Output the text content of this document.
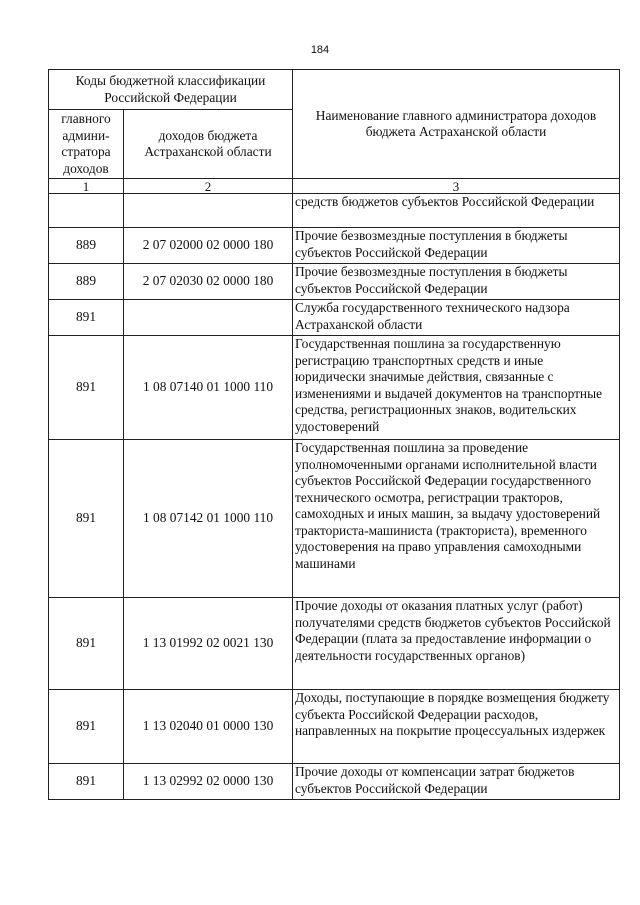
184
Коды бюджетной классификации Российской Федерации		Наименование главного администратора доходов бюджета Астраханской области
главного админи-стратора доходов	доходов бюджета Астраханской области	
1	2	3
		средств бюджетов субъектов Российской Федерации
889	2 07 02000 02 0000 180	Прочие безвозмездные поступления в бюджеты субъектов Российской Федерации
889	2 07 02030 02 0000 180	Прочие безвозмездные поступления в бюджеты субъектов Российской Федерации
891		Служба государственного технического надзора Астраханской области
891	1 08 07140 01 1000 110	Государственная пошлина за государственную регистрацию транспортных средств и иные юридически значимые действия, связанные с изменениями и выдачей документов на транспортные средства, регистрационных знаков, водительских удостоверений
891	1 08 07142 01 1000 110	Государственная пошлина за проведение уполномоченными органами исполнительной власти субъектов Российской Федерации государственного технического осмотра, регистрации тракторов, самоходных и иных машин, за выдачу удостоверений тракториста-машиниста (тракториста), временного удостоверения на право управления самоходными машинами
891	1 13 01992 02 0021 130	Прочие доходы от оказания платных услуг (работ) получателями средств бюджетов субъектов Российской Федерации (плата за предоставление информации о деятельности государственных органов)
891	1 13 02040 01 0000 130	Доходы, поступающие в порядке возмещения бюджету субъекта Российской Федерации расходов, направленных на покрытие процессуальных издержек
891	1 13 02992 02 0000 130	Прочие доходы от компенсации затрат бюджетов субъектов Российской Федерации
